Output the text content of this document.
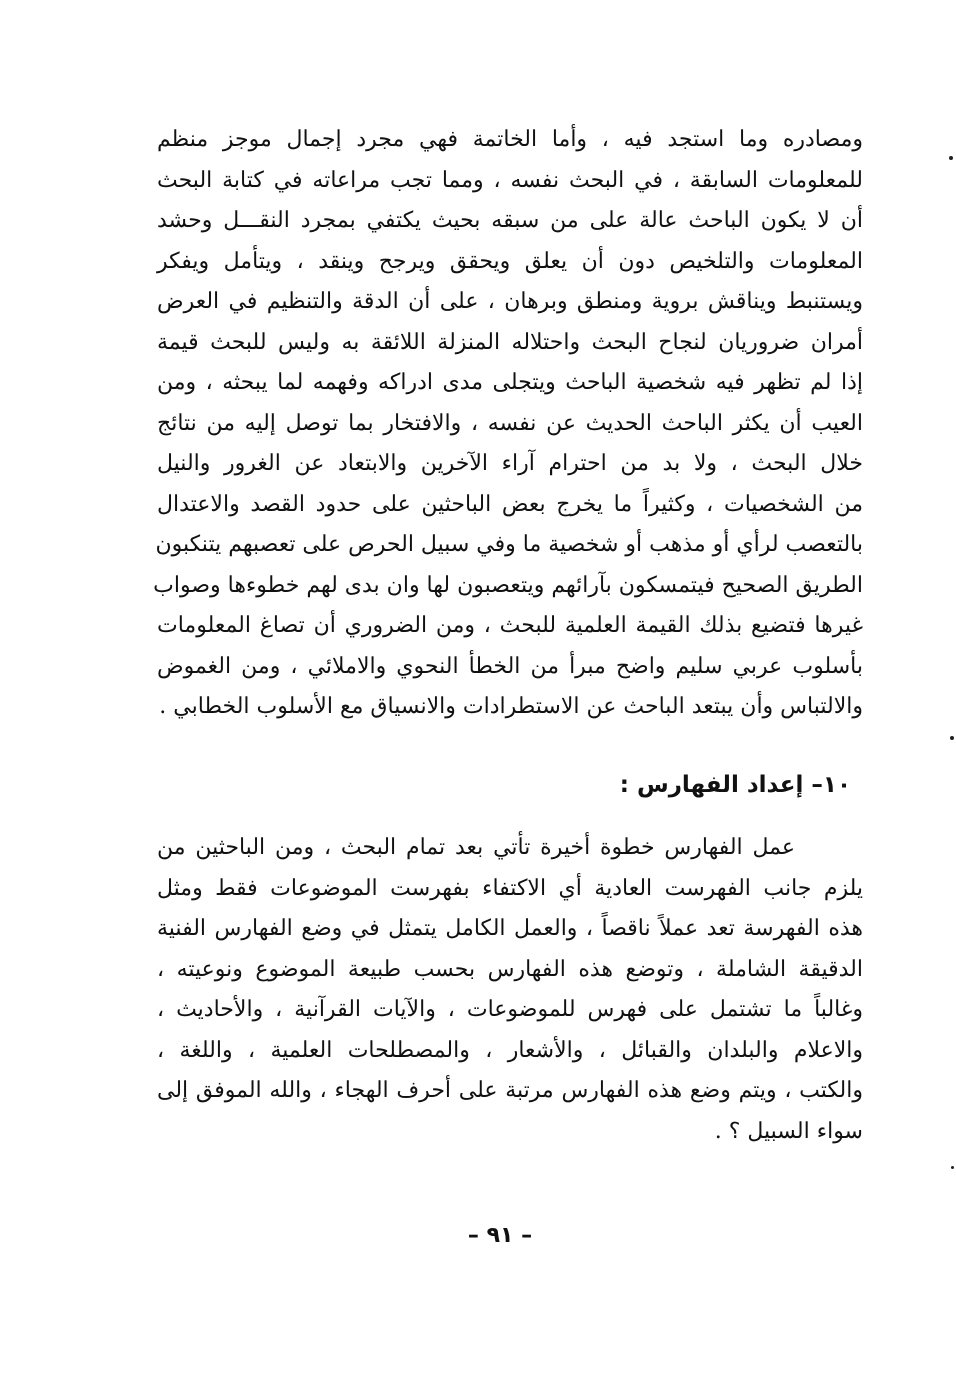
ومصادره وما استجد فيه ، وأما الخاتمة فهي مجرد إجمال موجز منظم
للمعلومات السابقة ، في البحث نفسه ، ومما تجب مراعاته في كتابة البحث
أن لا يكون الباحث عالة على من سبقه بحيث يكتفي بمجرد النقـــل وحشد
المعلومات والتلخيص دون أن يعلق ويحقق ويرجح وينقد ، ويتأمل ويفكر
ويستنبط ويناقش بروية ومنطق وبرهان ، على أن الدقة والتنظيم في العرض
أمران ضروريان لنجاح البحث واحتلاله المنزلة اللائقة به وليس للبحث قيمة
إذا لم تظهر فيه شخصية الباحث ويتجلى مدى ادراكه وفهمه لما يبحثه ، ومن
العيب أن يكثر الباحث الحديث عن نفسه ، والافتخار بما توصل إليه من نتائج
خلال البحث ، ولا بد من احترام آراء الآخرين والابتعاد عن الغرور والنيل
من الشخصيات ، وكثيراً ما يخرج بعض الباحثين على حدود القصد والاعتدال
بالتعصب لرأي أو مذهب أو شخصية ما وفي سبيل الحرص على تعصبهم يتنكبون
الطريق الصحيح فيتمسكون بآرائهم ويتعصبون لها وان بدى لهم خطوءها وصواب
غيرها فتضيع بذلك القيمة العلمية للبحث ، ومن الضروري أن تصاغ المعلومات
بأسلوب عربي سليم واضح مبرأ من الخطأ النحوي والاملائي ، ومن الغموض
والالتباس وأن يبتعد الباحث عن الاستطرادات والانسياق مع الأسلوب الخطابي .
١٠– إعداد الفهارس :
عمل الفهارس خطوة أخيرة تأتي بعد تمام البحث ، ومن الباحثين من
يلزم جانب الفهرست العادية أي الاكتفاء بفهرست الموضوعات فقط ومثل
هذه الفهرسة تعد عملاً ناقصاً ، والعمل الكامل يتمثل في وضع الفهارس الفنية
الدقيقة الشاملة ، وتوضع هذه الفهارس بحسب طبيعة الموضوع ونوعيته ،
وغالباً ما تشتمل على فهرس للموضوعات ، والآيات القرآنية ، والأحاديث ،
والاعلام والبلدان والقبائل ، والأشعار ، والمصطلحات العلمية ، واللغة ،
والكتب ، ويتم وضع هذه الفهارس مرتبة على أحرف الهجاء ، والله الموفق إلى
سواء السبيل ؟ .
– ٩١ –
